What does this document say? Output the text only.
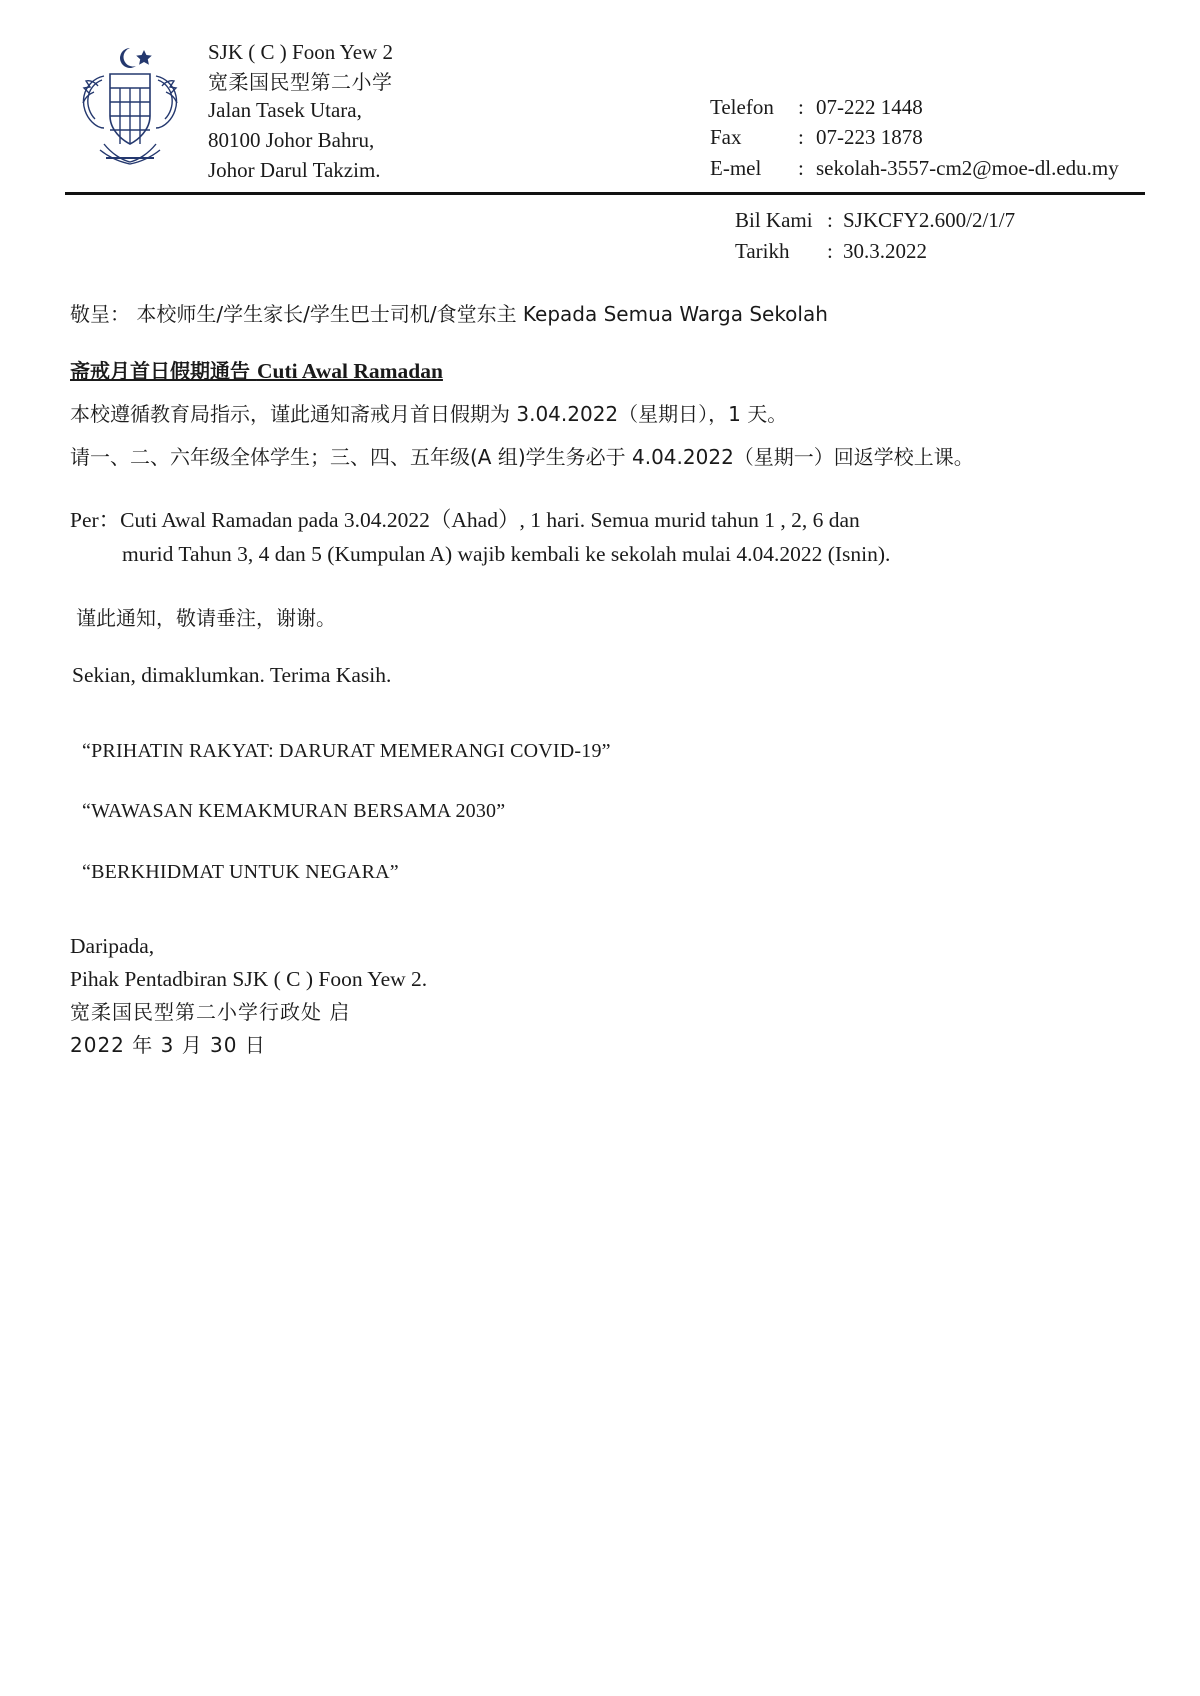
SJK ( C ) Foon Yew 2
宽柔国民型第二小学
Jalan Tasek Utara,
80100 Johor Bahru,
Johor Darul Takzim.
Telefon	: 07-222 1448
Fax	: 07-223 1878
E-mel	: sekolah-3557-cm2@moe-dl.edu.my
Bil Kami : SJKCFY2.600/2/1/7
Tarikh	: 30.3.2022
敬呈： 本校师生/学生家长/学生巴士司机/食堂东主 Kepada Semua Warga Sekolah
斋戒月首日假期通告 Cuti Awal Ramadan
本校遵循教育局指示，谨此通知斋戒月首日假期为 3.04.2022（星期日），1 天。
请一、二、六年级全体学生；三、四、五年级(A 组)学生务必于 4.04.2022（星期一）回返学校上课。
Per：Cuti Awal Ramadan pada 3.04.2022（Ahad）, 1 hari. Semua murid tahun 1 , 2, 6 dan
murid Tahun 3, 4 dan 5 (Kumpulan A) wajib kembali ke sekolah mulai 4.04.2022 (Isnin).
谨此通知，敬请垂注，谢谢。
Sekian, dimaklumkan. Terima Kasih.
“PRIHATIN RAKYAT: DARURAT MEMERANGI COVID-19”
“WAWASAN KEMAKMURAN BERSAMA 2030”
“BERKHIDMAT UNTUK NEGARA”
Daripada,
Pihak Pentadbiran SJK ( C ) Foon Yew 2.
宽柔国民型第二小学行政处 启
2022 年 3 月 30 日
